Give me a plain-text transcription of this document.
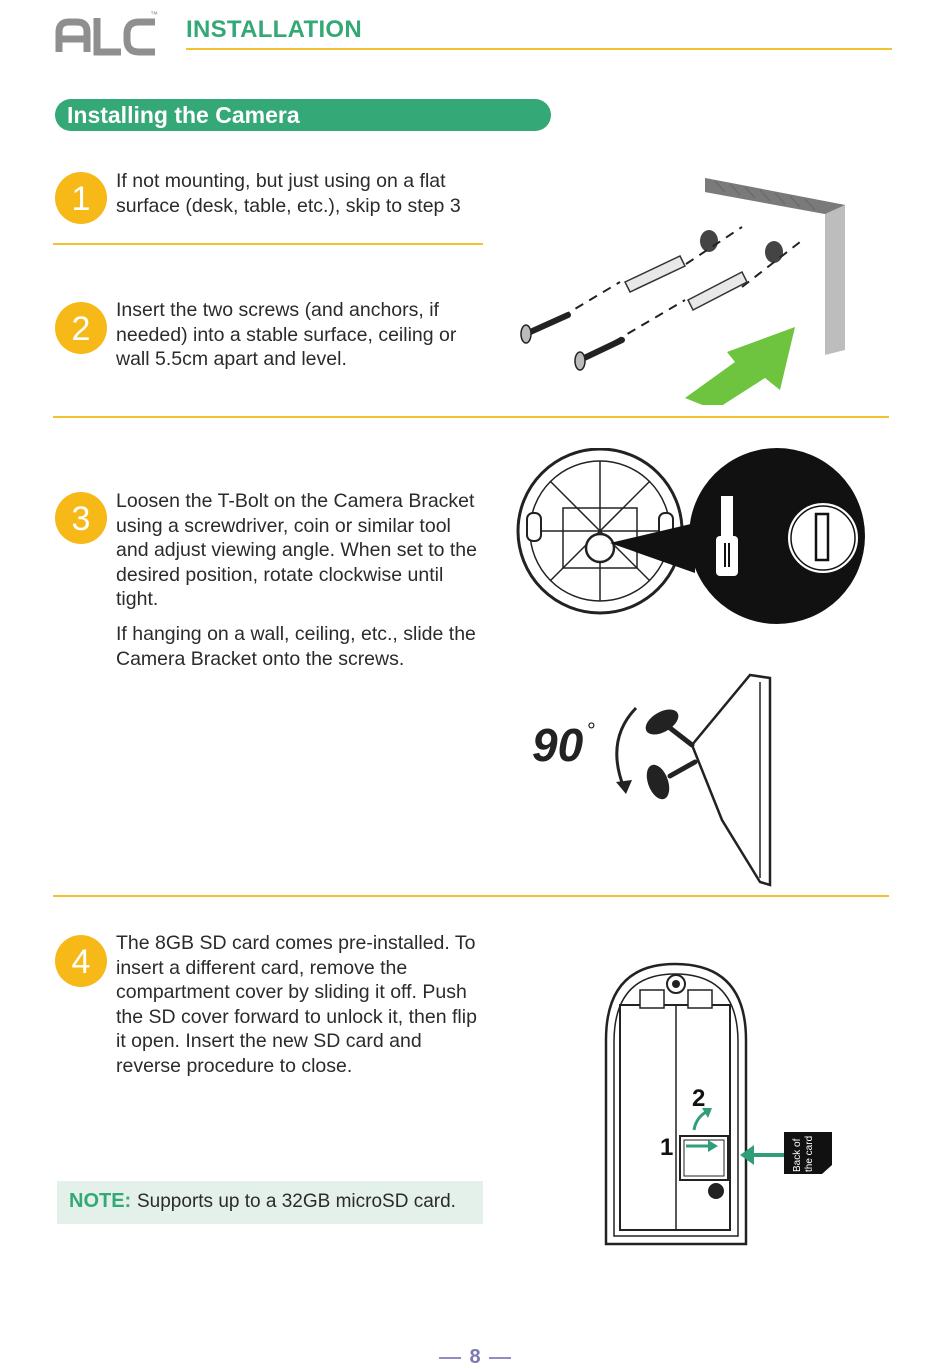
™
INSTALLATION
Installing the Camera
1	If not mounting, but just using on a flat surface (desk, table, etc.), skip to step 3
2	Insert the two screws (and anchors, if needed) into a stable surface, ceiling or wall 5.5cm apart and level.
3	Loosen the T-Bolt on the Camera Bracket using a screwdriver, coin or similar tool and adjust viewing angle. When set to the desired position, rotate clockwise until tight.
If hanging on a wall, ceiling, etc., slide the Camera Bracket onto the screws.
90 °
4	The 8GB SD card comes pre-installed. To insert a different card, remove the compartment cover by sliding it off. Push the SD cover forward to unlock it, then flip it open. Insert the new SD card and reverse procedure to close.
1
2
Back of the card
NOTE: Supports up to a 32GB microSD card.
8
